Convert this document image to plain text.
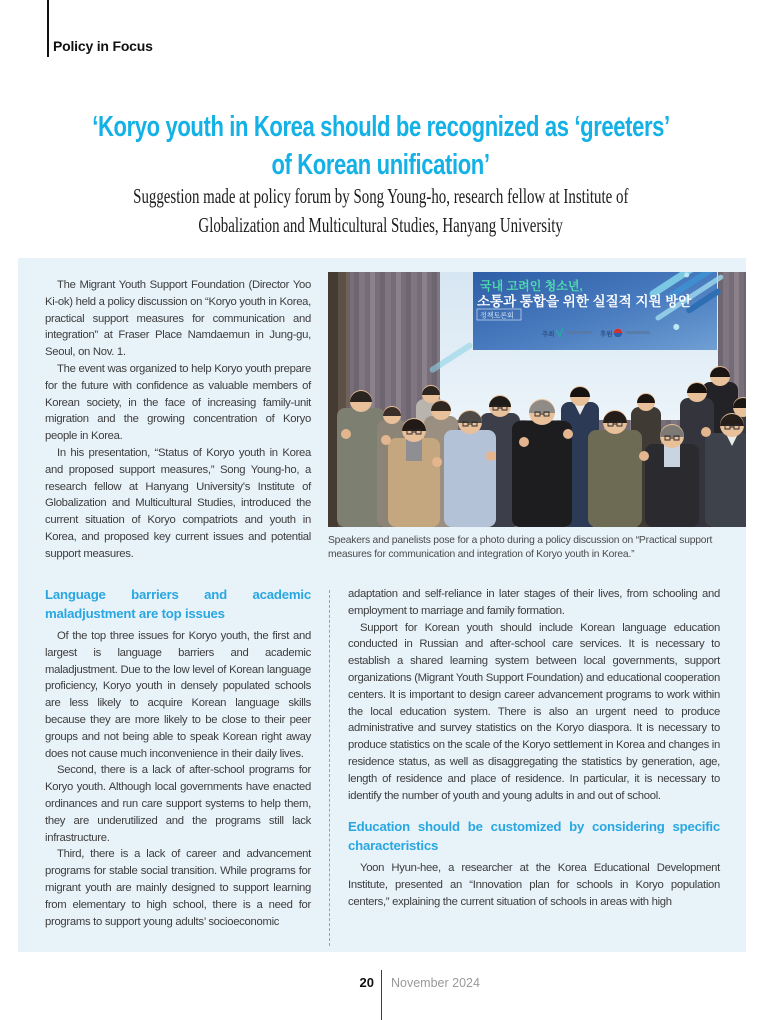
Policy in Focus
‘Koryo youth in Korea should be recognized as ‘greeters’
of Korean unification’
Suggestion made at policy forum by Song Young-ho, research fellow at Institute of
Globalization and Multicultural Studies, Hanyang University

The Migrant Youth Support Foundation (Director Yoo Ki-ok) held a policy discussion on “Koryo youth in Korea, practical support measures for communication and integration” at Fraser Place Namdaemun in Jung-gu, Seoul, on Nov. 1.

The event was organized to help Koryo youth prepare for the future with confidence as valuable members of Korean society, in the face of increasing family-unit migration and the growing concentration of Koryo people in Korea.

In his presentation, “Status of Koryo youth in Korea and proposed support measures,” Song Young-ho, a research fellow at Hanyang University’s Institute of Globalization and Multicultural Studies, introduced the current situation of Koryo compatriots and youth in Korea, and proposed key current issues and potential support measures.

국내 고려인 청소년,
소통과 통합을 위한 실질적 지원 방안
정책토론회
주최	후원

Speakers and panelists pose for a photo during a policy discussion on “Practical support measures for communication and integration of Koryo youth in Korea.”

Language barriers and academic maladjustment are top issues

Of the top three issues for Koryo youth, the first and largest is language barriers and academic maladjustment. Due to the low level of Korean language proficiency, Koryo youth in densely populated schools are less likely to acquire Korean language skills because they are more likely to be close to their peer groups and not being able to speak Korean right away does not cause much inconvenience in their daily lives.

Second, there is a lack of after-school programs for Koryo youth. Although local governments have enacted ordinances and run care support systems to help them, they are underutilized and the programs still lack infrastructure.

Third, there is a lack of career and advancement programs for stable social transition. While programs for migrant youth are mainly designed to support learning from elementary to high school, there is a need for programs to support young adults’ socioeconomic

adaptation and self-reliance in later stages of their lives, from schooling and employment to marriage and family formation.

Support for Korean youth should include Korean language education conducted in Russian and after-school care services. It is necessary to establish a shared learning system between local governments, support organizations (Migrant Youth Support Foundation) and educational cooperation centers. It is important to design career advancement programs to work within the local education system. There is also an urgent need to produce administrative and survey statistics on the Koryo diaspora. It is necessary to produce statistics on the scale of the Koryo settlement in Korea and changes in residence status, as well as disaggregating the statistics by generation, age, length of residence and place of residence. In particular, it is necessary to identify the number of youth and young adults in and out of school.

Education should be customized by considering specific characteristics

Yoon Hyun-hee, a researcher at the Korea Educational Development Institute, presented an “Innovation plan for schools in Koryo population centers,” explaining the current situation of schools in areas with high

20 November 2024
